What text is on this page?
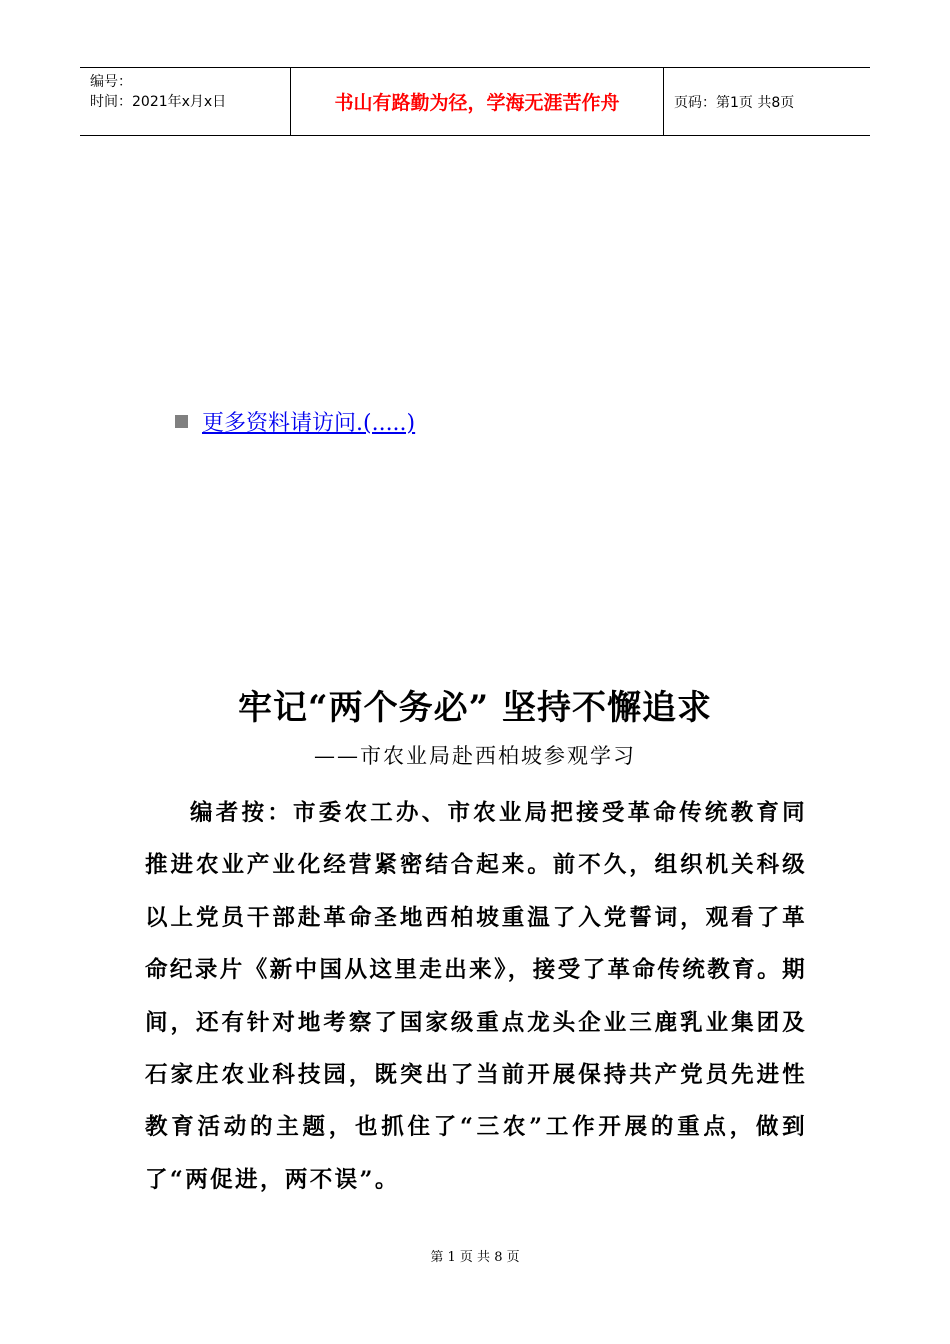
编号：
时间：2021年x月x日	书山有路勤为径，学海无涯苦作舟	页码：第1页 共8页
更多资料请访问.(.....)
牢记“两个务必” 坚持不懈追求
——市农业局赴西柏坡参观学习
编者按：市委农工办、市农业局把接受革命传统教育同推进农业产业化经营紧密结合起来。前不久，组织机关科级以上党员干部赴革命圣地西柏坡重温了入党誓词，观看了革命纪录片《新中国从这里走出来》，接受了革命传统教育。期间，还有针对地考察了国家级重点龙头企业三鹿乳业集团及石家庄农业科技园，既突出了当前开展保持共产党员先进性教育活动的主题，也抓住了“三农”工作开展的重点，做到了“两促进，两不误”。
第 1 页 共 8 页
